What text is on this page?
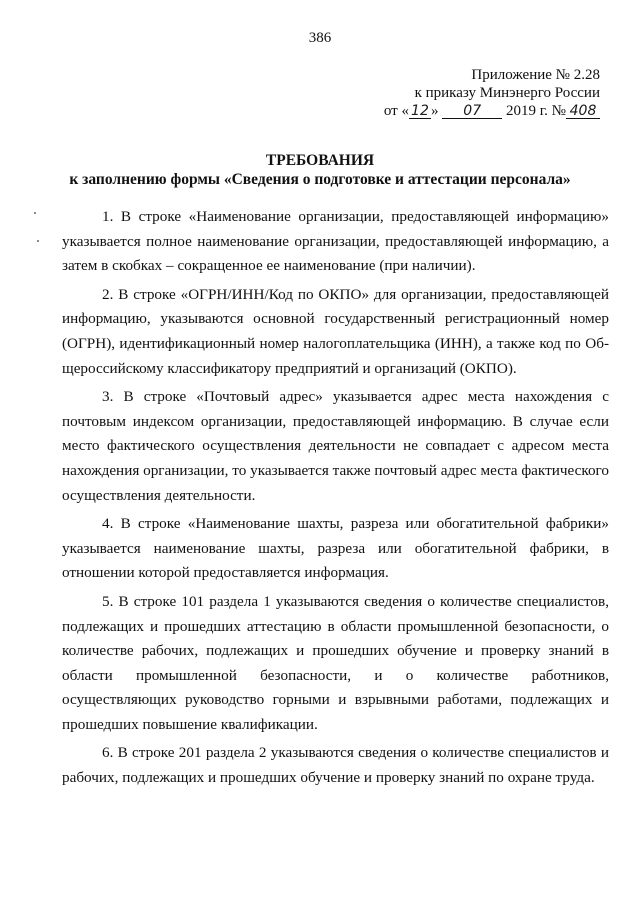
386
Приложение № 2.28
к приказу Минэнерго России
от « 12 » 07 2019 г. № 408
ТРЕБОВАНИЯ
к заполнению формы «Сведения о подготовке и аттестации персонала»

1. В строке «Наименование организации, предоставляющей информацию» указывается полное наименование организации, предоставляющей информацию, а затем в скобках – сокращенное ее наименование (при наличии).

2. В строке «ОГРН/ИНН/Код по ОКПО» для организации, предоставляющей информацию, указываются основной государственный регистрационный номер (ОГРН), идентификационный номер налогоплательщика (ИНН), а также код по Общероссийскому классификатору предприятий и организаций (ОКПО).

3. В строке «Почтовый адрес» указывается адрес места нахождения с почтовым индексом организации, предоставляющей информацию. В случае если место фактического осуществления деятельности не совпадает с адресом места нахождения организации, то указывается также почтовый адрес места фактического осуществления деятельности.

4. В строке «Наименование шахты, разреза или обогатительной фабрики» указывается наименование шахты, разреза или обогатительной фабрики, в отношении которой предоставляется информация.

5. В строке 101 раздела 1 указываются сведения о количестве специалистов, подлежащих и прошедших аттестацию в области промышленной безопасности, о количестве рабочих, подлежащих и прошедших обучение и проверку знаний в области промышленной безопасности, и о количестве работников, осуществляющих руководство горными и взрывными работами, подлежащих и прошедших повышение квалификации.

6. В строке 201 раздела 2 указываются сведения о количестве специалистов и рабочих, подлежащих и прошедших обучение и проверку знаний по охране труда.
